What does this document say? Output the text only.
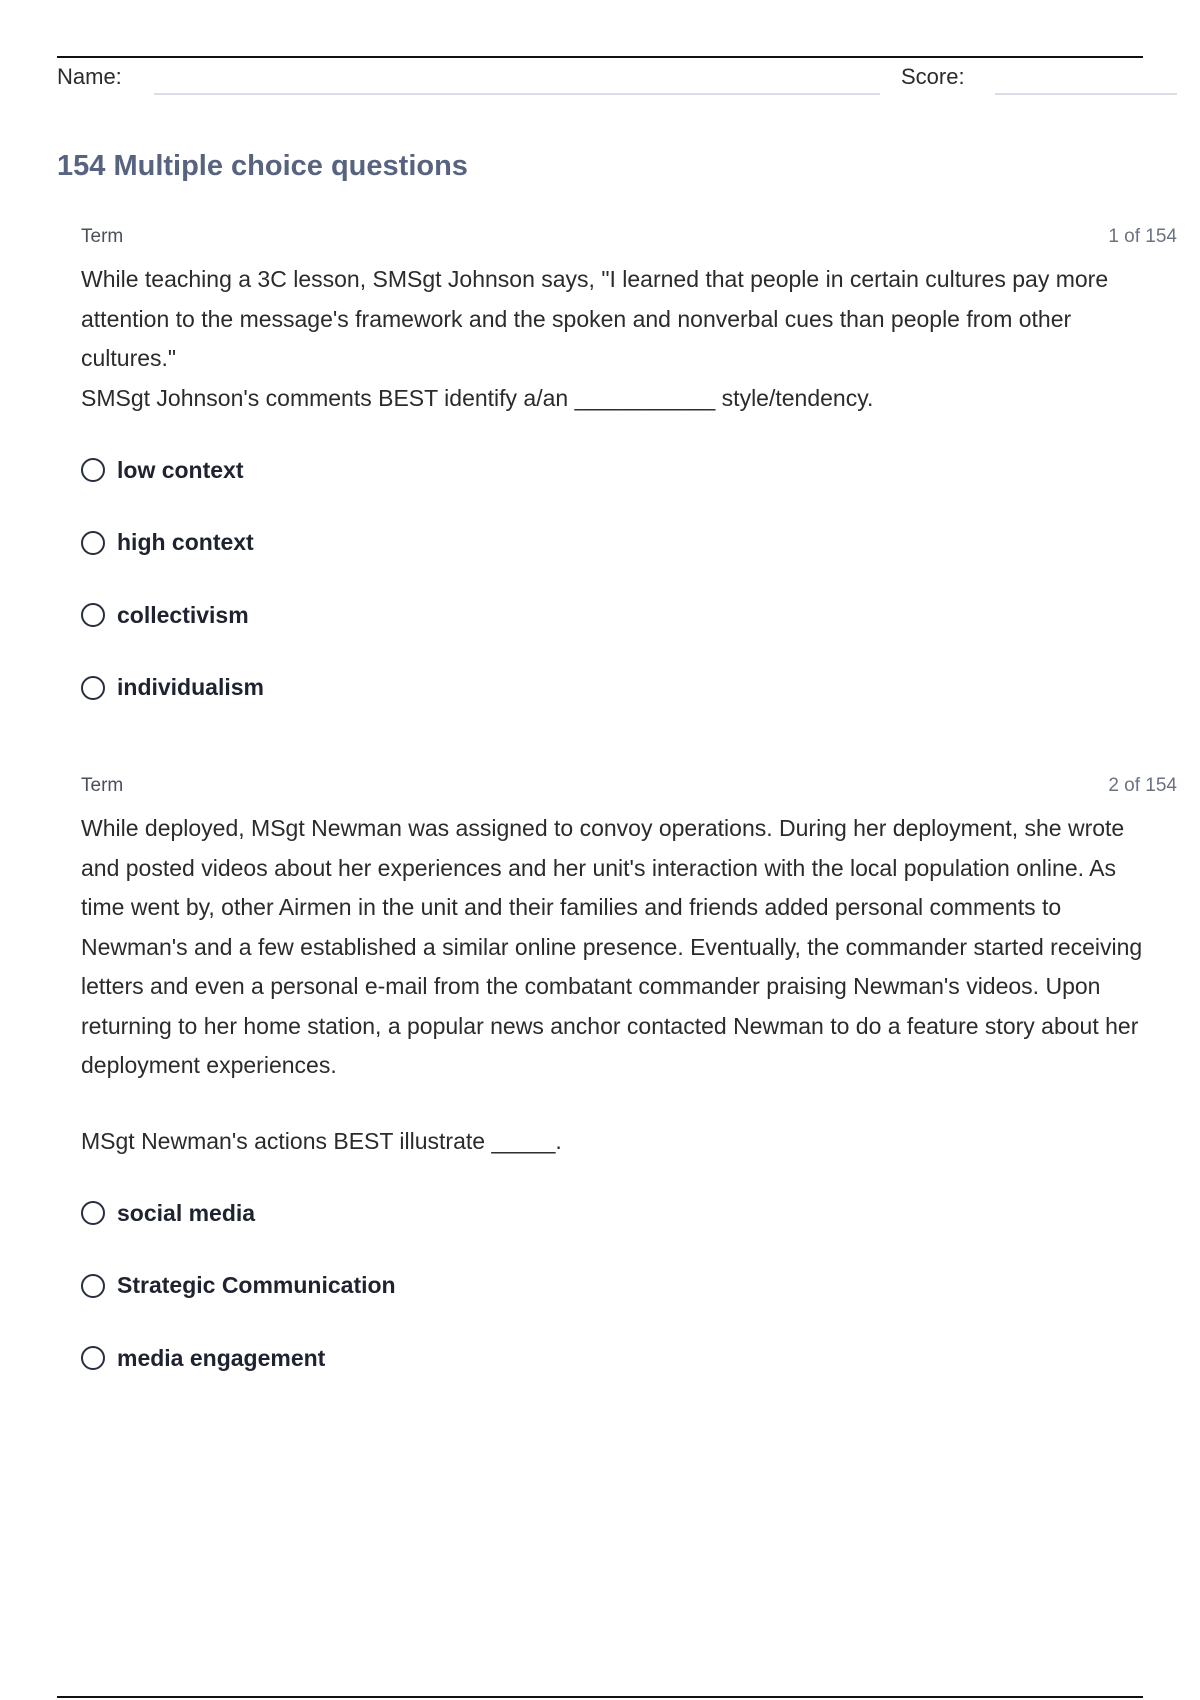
Name:	Score:
154 Multiple choice questions
Term	1 of 154
While teaching a 3C lesson, SMSgt Johnson says, "I learned that people in certain cultures pay more attention to the message's framework and the spoken and nonverbal cues than people from other
cultures."
SMSgt Johnson's comments BEST identify a/an ___________ style/tendency.
low context
high context
collectivism
individualism
Term	2 of 154
While deployed, MSgt Newman was assigned to convoy operations. During her deployment, she wrote and posted videos about her experiences and her unit's interaction with the local population online. As time went by, other Airmen in the unit and their families and friends added personal comments to Newman's and a few established a similar online presence. Eventually, the commander started receiving letters and even a personal e-mail from the combatant commander praising Newman's videos. Upon returning to her home station, a popular news anchor contacted Newman to do a feature story about her deployment experiences.
MSgt Newman's actions BEST illustrate _____.
social media
Strategic Communication
media engagement
